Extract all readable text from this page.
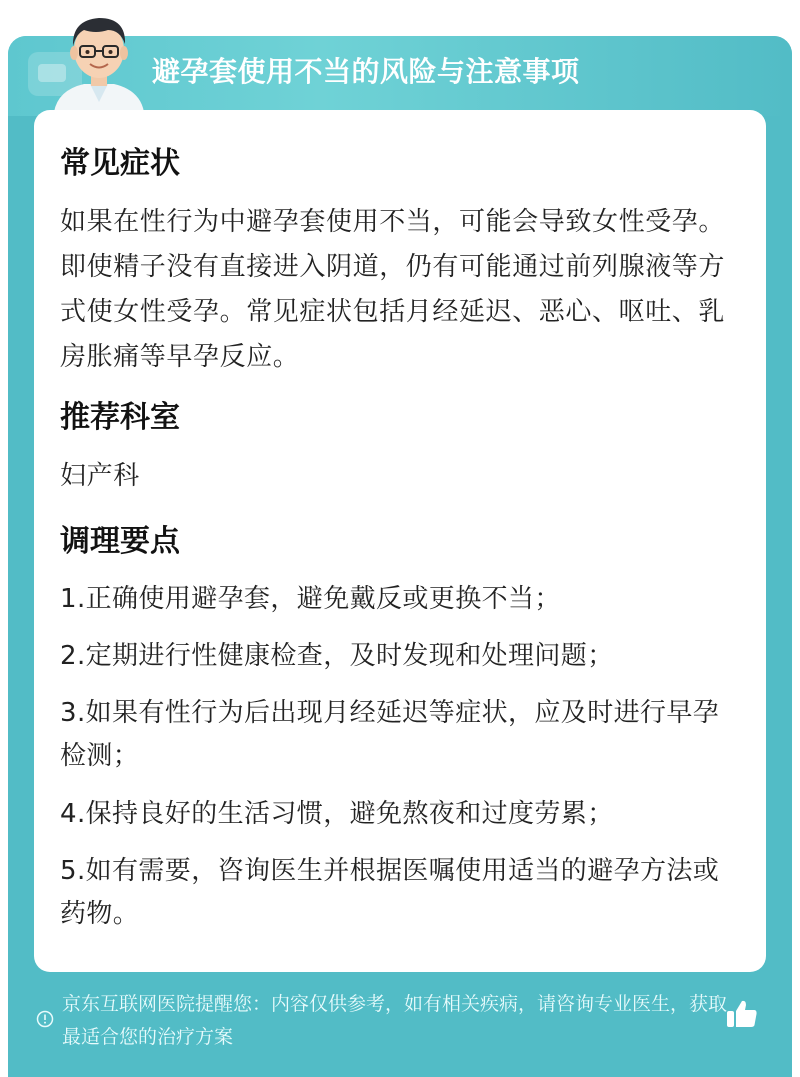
避孕套使用不当的风险与注意事项
常见症状
如果在性行为中避孕套使用不当，可能会导致女性受孕。即使精子没有直接进入阴道，仍有可能通过前列腺液等方式使女性受孕。常见症状包括月经延迟、恶心、呕吐、乳房胀痛等早孕反应。
推荐科室
妇产科
调理要点
1.正确使用避孕套，避免戴反或更换不当；
2.定期进行性健康检查，及时发现和处理问题；
3.如果有性行为后出现月经延迟等症状，应及时进行早孕检测；
4.保持良好的生活习惯，避免熬夜和过度劳累；
5.如有需要，咨询医生并根据医嘱使用适当的避孕方法或药物。
京东互联网医院提醒您：内容仅供参考，如有相关疾病，请咨询专业医生，获取最适合您的治疗方案
